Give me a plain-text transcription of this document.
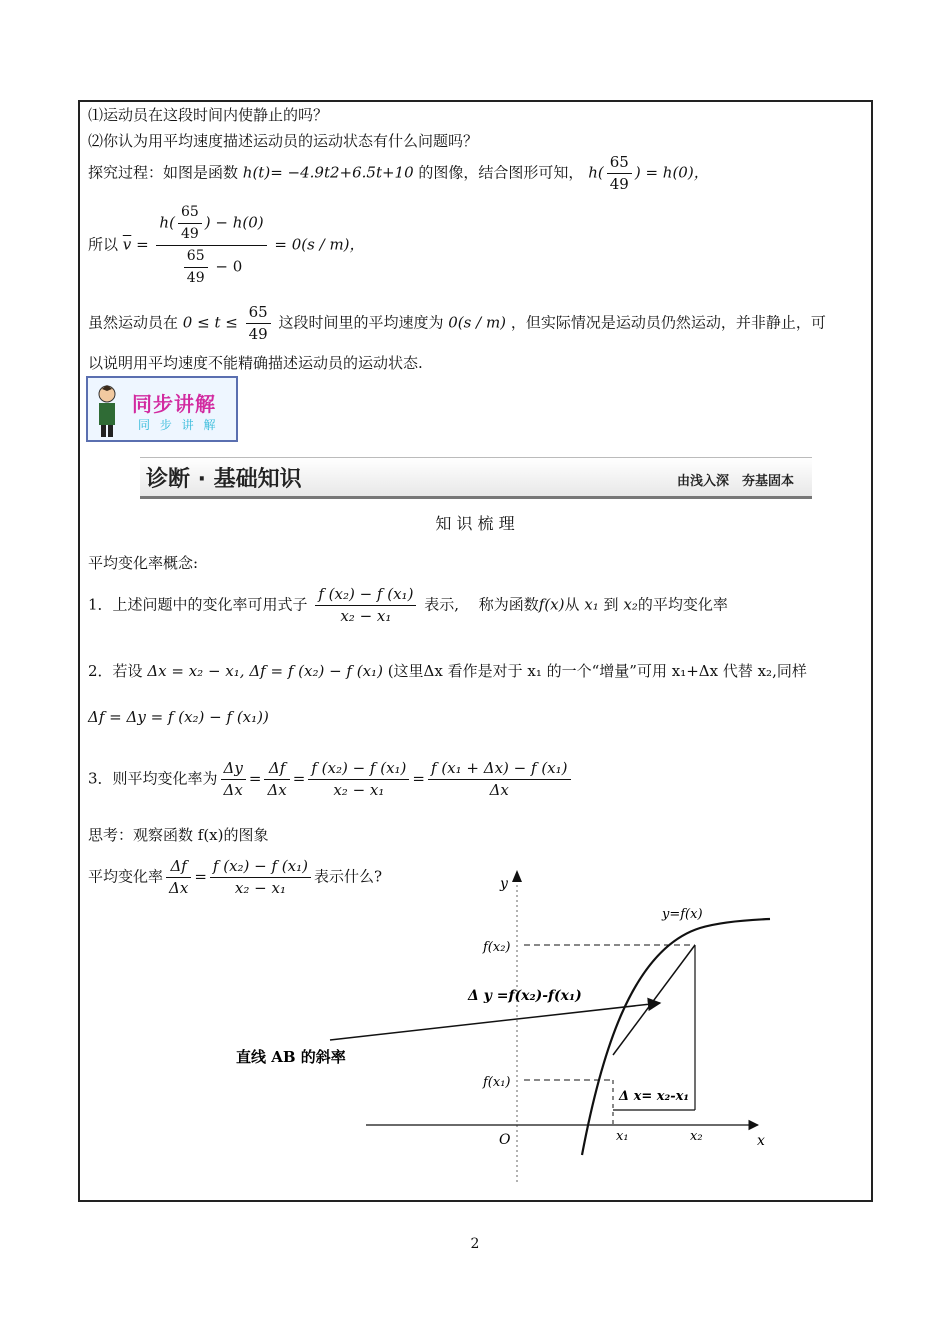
⑴运动员在这段时间内使静止的吗？
⑵你认为用平均速度描述运动员的运动状态有什么问题吗？
探究过程：如图是函数 h(t)= −4.9t2+6.5t+10 的图像，结合图形可知， $h( \frac{65}{49}$ ) = h(0)，
所以 $\overline{v} = \frac{h( \frac{65}{49} ) - h(0)}{\frac{65}{49} - 0} = 0(s / m)$，
虽然运动员在 $0 \le t \le \frac{65}{49}$ 这段时间里的平均速度为 0(s / m) ，但实际情况是运动员仍然运动，并非静止，可
以说明用平均速度不能精确描述运动员的运动状态.
同步讲解
同 步 讲 解
诊断 · 基础知识	由浅入深　夯基固本
知 识 梳 理
平均变化率概念:
1．上述问题中的变化率可用式子 $\frac{\text{f (x₂) − f (x₁)}}{\text{x₂ − x₁}}$ 表示,　 称为函数f(x)从 x₁ 到 x₂的平均变化率
2．若设 Δx = x₂ − x₁, Δf = f (x₂) − f (x₁) (这里Δx 看作是对于 x₁ 的一个“增量”可用 x₁+Δx 代替 x₂,同样
Δf = Δy = f (x₂) − f (x₁))
3．则平均变化率为 $\frac{\Delta y}{\Delta x} = \frac{\Delta f}{\Delta x} = \frac{\text{f (x₂) − f (x₁)}}{\text{x₂ − x₁}} = \frac{\text{f (x₁ + Δx) − f (x₁)}}{\Delta x}$
思考：观察函数 f(x)的图象
平均变化率 $\frac{\Delta f}{\Delta x} = \frac{\text{f (x₂) − f (x₁)}}{\text{x₂ − x₁}}$ 表示什么?	y
x
O
y=f(x)
f(x₂)
f(x₁)
x₁	x₂
Δ y =f(x₂)-f(x₁)
Δ x= x₂-x₁
直线 AB 的斜率
2
